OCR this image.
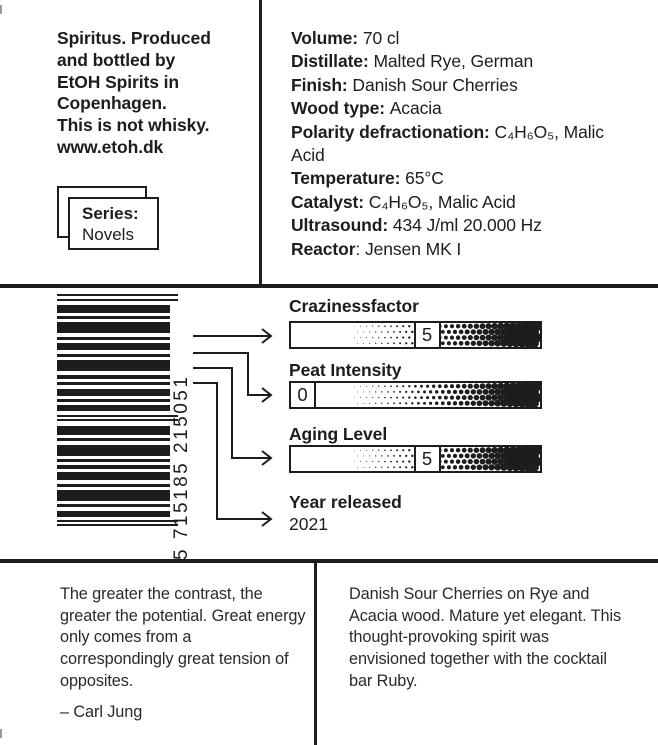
Spiritus. Produced
and bottled by
EtOH Spirits in
Copenhagen.
This is not whisky.
www.etoh.dk
Series:
Novels
Volume: 70 cl
Distillate: Malted Rye, German
Finish: Danish Sour Cherries
Wood type: Acacia
Polarity defractionation: C₄H₆O₅, Malic Acid
Temperature: 65°C
Catalyst: C₄H₆O₅, Malic Acid
Ultrasound: 434 J/ml 20.000 Hz
Reactor: Jensen MK I
5 715185 215051
Crazinessfactor
5
Peat Intensity
0
Aging Level
5
Year released
2021
The greater the contrast, the greater the potential. Great energy only comes from a correspondingly great tension of opposites.
– Carl Jung
Danish Sour Cherries on Rye and Acacia wood. Mature yet elegant. This thought-provoking spirit was envisioned together with the cocktail bar Ruby.
